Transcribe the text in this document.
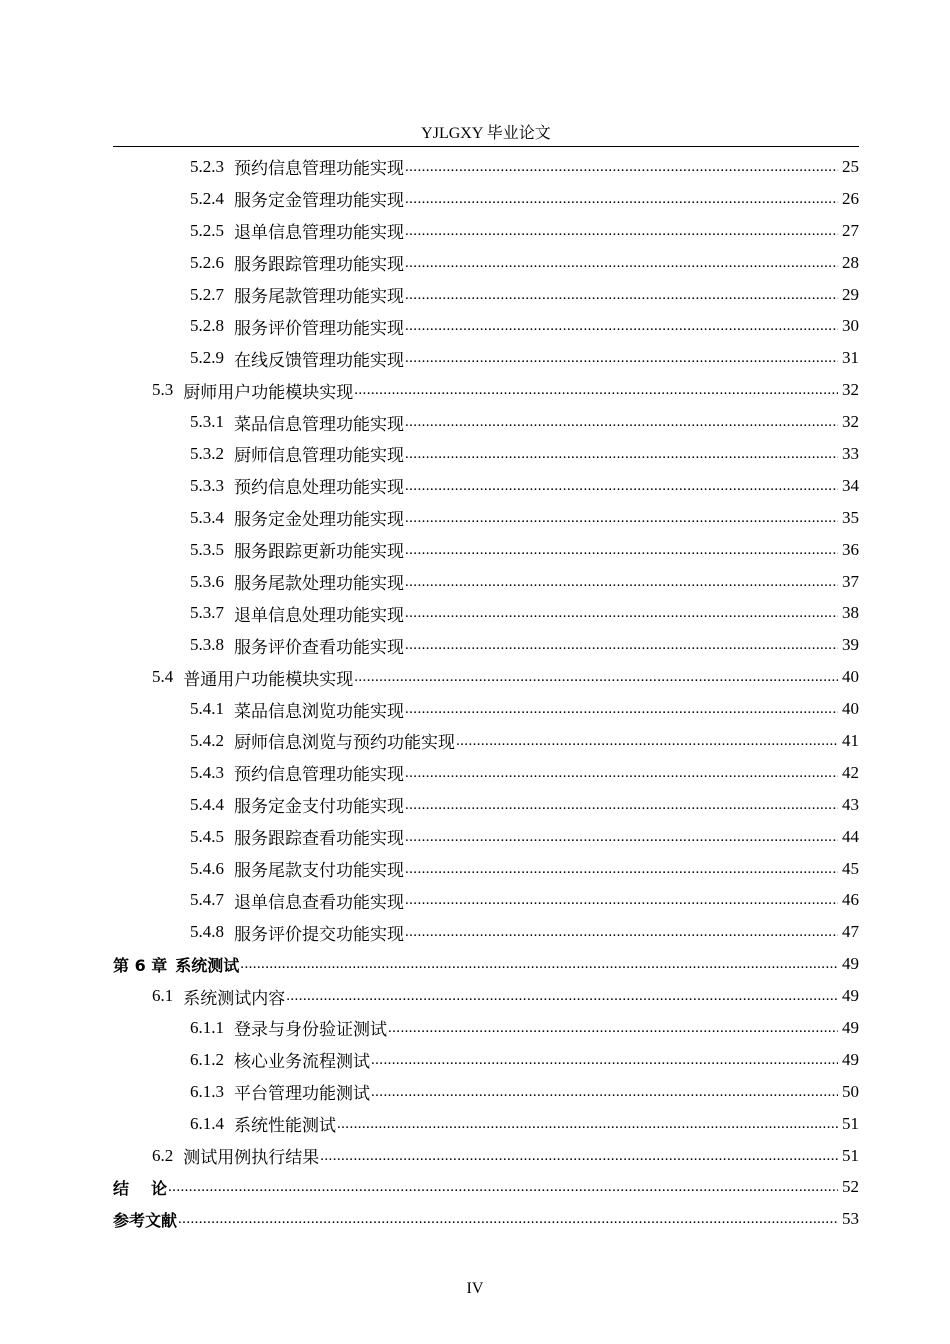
YJLGXY 毕业论文
5.2.3 预约信息管理功能实现 .....	25
5.2.4 服务定金管理功能实现 .....	26
5.2.5 退单信息管理功能实现 .....	27
5.2.6 服务跟踪管理功能实现 .....	28
5.2.7 服务尾款管理功能实现 .....	29
5.2.8 服务评价管理功能实现 .....	30
5.2.9 在线反馈管理功能实现 .....	31
5.3 厨师用户功能模块实现 .....	32
5.3.1 菜品信息管理功能实现 .....	32
5.3.2 厨师信息管理功能实现 .....	33
5.3.3 预约信息处理功能实现 .....	34
5.3.4 服务定金处理功能实现 .....	35
5.3.5 服务跟踪更新功能实现 .....	36
5.3.6 服务尾款处理功能实现 .....	37
5.3.7 退单信息处理功能实现 .....	38
5.3.8 服务评价查看功能实现 .....	39
5.4 普通用户功能模块实现 .....	40
5.4.1 菜品信息浏览功能实现 .....	40
5.4.2 厨师信息浏览与预约功能实现 .....	41
5.4.3 预约信息管理功能实现 .....	42
5.4.4 服务定金支付功能实现 .....	43
5.4.5 服务跟踪查看功能实现 .....	44
5.4.6 服务尾款支付功能实现 .....	45
5.4.7 退单信息查看功能实现 .....	46
5.4.8 服务评价提交功能实现 .....	47
第 6 章 系统测试 .....	49
6.1 系统测试内容 .....	49
6.1.1 登录与身份验证测试 .....	49
6.1.2 核心业务流程测试 .....	49
6.1.3 平台管理功能测试 .....	50
6.1.4 系统性能测试 .....	51
6.2 测试用例执行结果 .....	51
结 论 .....	52
参考文献 .....	53
IV
